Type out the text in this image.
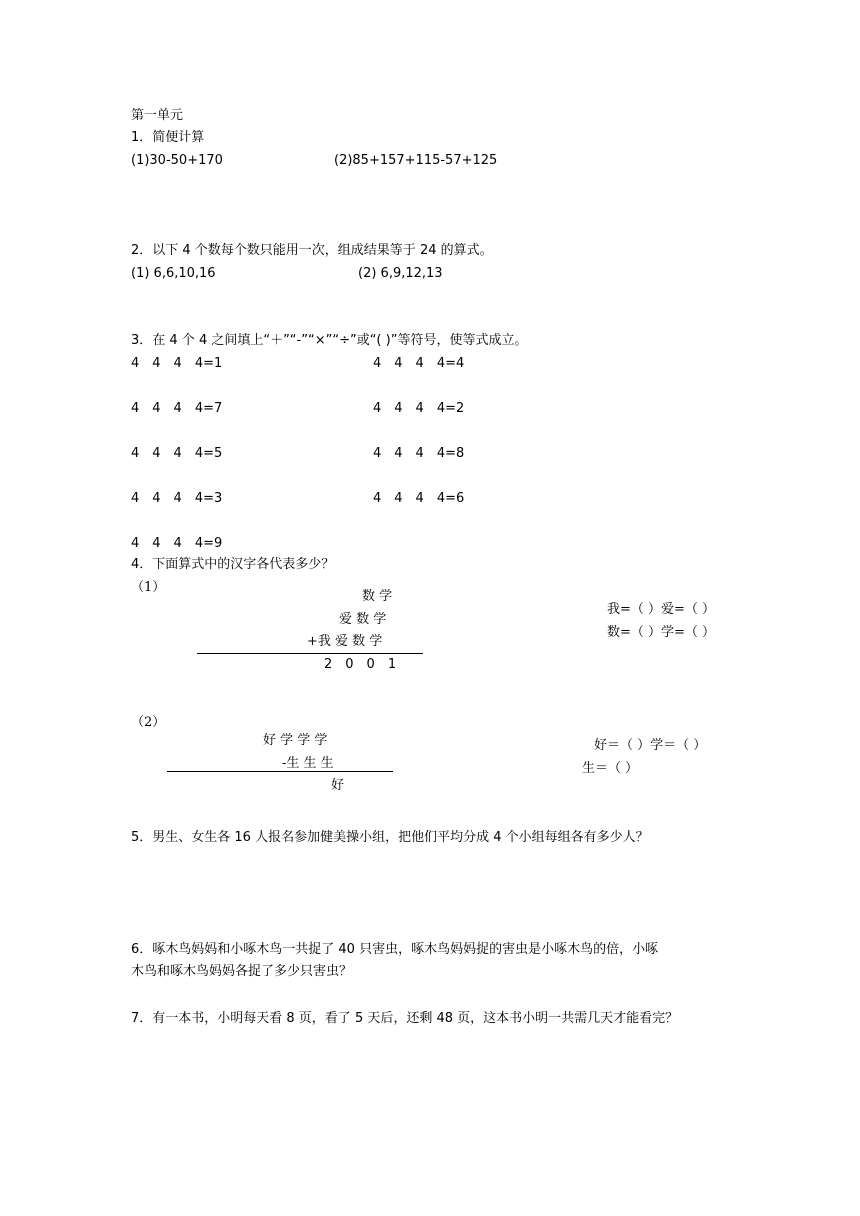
第一单元
1．简便计算
(1)30-50+170	(2)85+157+115-57+125
2．以下 4 个数每个数只能用一次，组成结果等于 24 的算式。
(1) 6,6,10,16	(2) 6,9,12,13
3．在 4 个 4 之间填上“＋”“-”“×”“÷”或“( )”等符号，使等式成立。
4　4　4　4=1	4　4　4　4=4
4　4　4　4=7	4　4　4　4=2
4　4　4　4=5	4　4　4　4=8
4　4　4　4=3	4　4　4　4=6
4　4　4　4=9
4．下面算式中的汉字各代表多少？
（1）
数 学
爱 数 学
+我 爱 数 学
2　0　0　1
我=（ ）爱=（ ）
数=（ ）学=（ ）
（2）
好 学 学 学
-生 生 生
好
好＝（ ）学＝（ ）
生＝（ ）
5．男生、女生各 16 人报名参加健美操小组，把他们平均分成 4 个小组每组各有多少人？
6．啄木鸟妈妈和小啄木鸟一共捉了 40 只害虫，啄木鸟妈妈捉的害虫是小啄木鸟的倍，小啄
木鸟和啄木鸟妈妈各捉了多少只害虫？
7．有一本书，小明每天看 8 页，看了 5 天后，还剩 48 页，这本书小明一共需几天才能看完？
